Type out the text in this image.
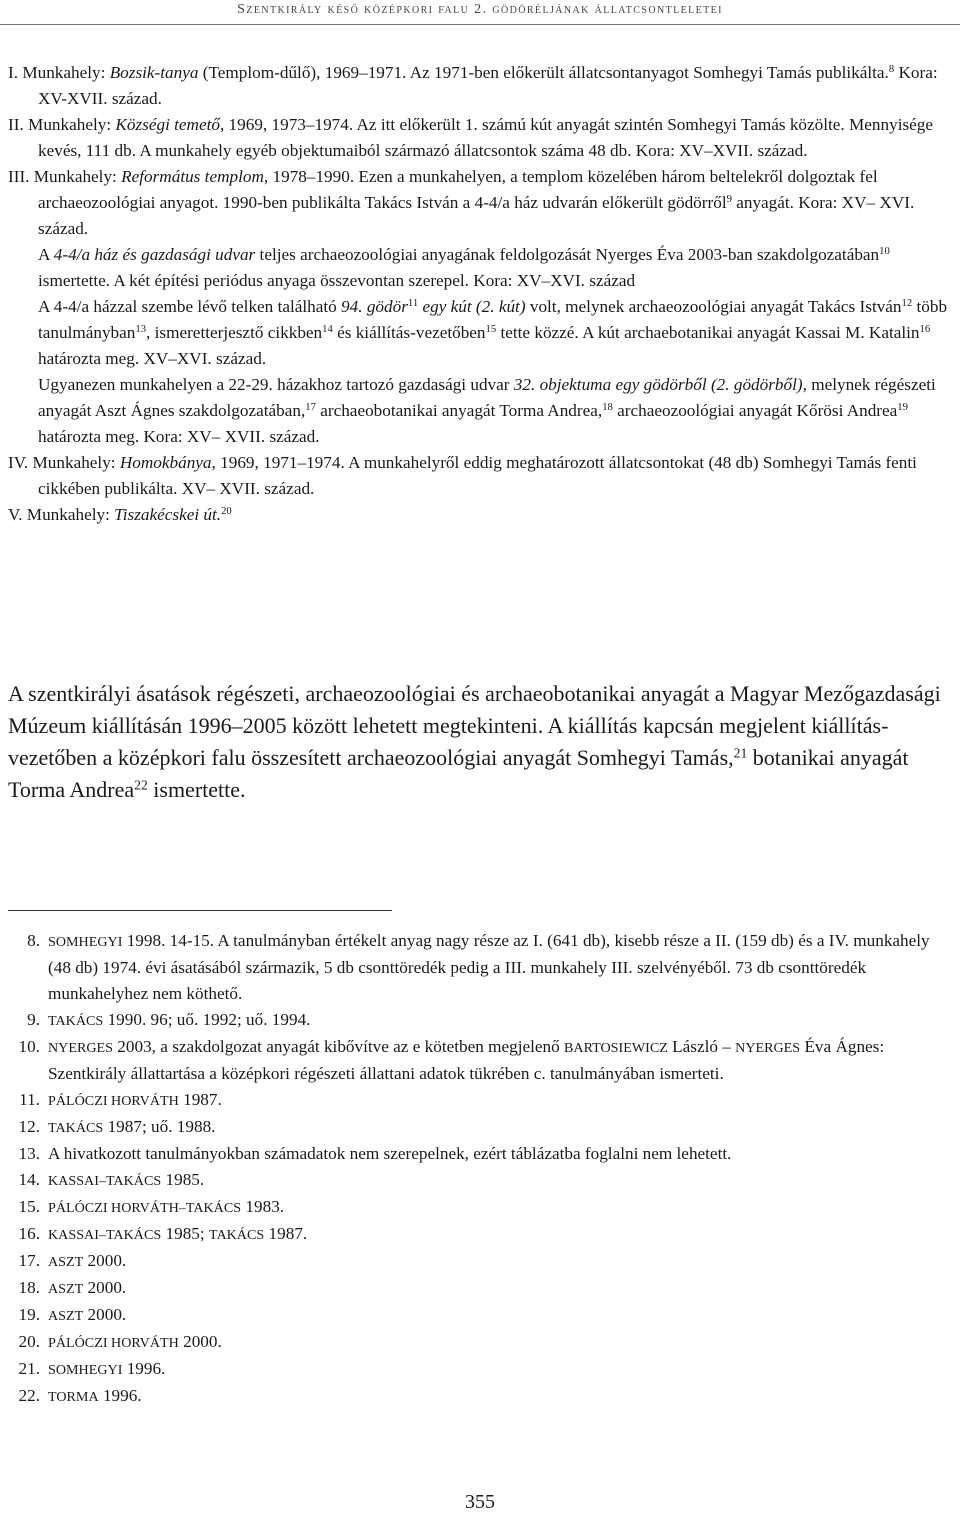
Szentkirály késő középkori falu 2. gödöréljának állatcsontleletei

I. Munkahely: Bozsik-tanya (Templom-dűlő), 1969–1971. Az 1971-ben előkerült állatcsontanyagot Somhegyi Tamás publikálta.$^8$ Kora: XV-XVII. század.

II. Munkahely: Községi temető, 1969, 1973–1974. Az itt előkerült 1. számú kút anyagát szintén Somhegyi Tamás közölte. Mennyisége kevés, 111 db. A munkahely egyéb objektumaiból származó állatcsontok száma 48 db. Kora: XV–XVII. század.

III. Munkahely: Református templom, 1978–1990. Ezen a munkahelyen, a templom közelében három beltelekről dolgoztak fel archaeozoológiai anyagot. 1990-ben publikálta Takács István a 4-4/a ház udvarán előkerült gödörről$^9$ anyagát. Kora: XV– XVI. század.

A 4-4/a ház és gazdasági udvar teljes archaeozoológiai anyagának feldolgozását Nyerges Éva 2003-ban szakdolgozatában$^{10}$ ismertette. A két építési periódus anyaga összevontan szerepel. Kora: XV–XVI. század

A 4-4/a házzal szembe lévő telken található 94. gödör$^{11}$ egy kút (2. kút) volt, melynek archaeozoológiai anyagát Takács István$^{12}$ több tanulmányban$^{13}$, ismeretterjesztő cikkben$^{14}$ és kiállítás-vezetőben$^{15}$ tette közzé. A kút archaebotanikai anyagát Kassai M. Katalin$^{16}$ határozta meg. XV–XVI. század.

Ugyanezen munkahelyen a 22-29. házakhoz tartozó gazdasági udvar 32. objektuma egy gödörből (2. gödörből), melynek régészeti anyagát Aszt Ágnes szakdolgozatában,$^{17}$ archaeobotanikai anyagát Torma Andrea,$^{18}$ archaeozoológiai anyagát Kőrösi Andrea$^{19}$ határozta meg. Kora: XV– XVII. század.

IV. Munkahely: Homokbánya, 1969, 1971–1974. A munkahelyről eddig meghatározott állatcsontokat (48 db) Somhegyi Tamás fenti cikkében publikálta. XV– XVII. század.

V. Munkahely: Tiszakécskei út.$^{20}$

A szentkirályi ásatások régészeti, archaeozoológiai és archaeobotanikai anyagát a Magyar Mezőgazdasági Múzeum kiállításán 1996–2005 között lehetett megtekinteni. A kiállítás kapcsán megjelent kiállítás-vezetőben a középkori falu összesített archaeozoológiai anyagát Somhegyi Tamás,$^{21}$ botanikai anyagát Torma Andrea$^{22}$ ismertette.

8. SOMHEGYI 1998. 14-15. A tanulmányban értékelt anyag nagy része az I. (641 db), kisebb része a II. (159 db) és a IV. munkahely (48 db) 1974. évi ásatásából származik, 5 db csonttöredék pedig a III. munkahely III. szelvényéből. 73 db csonttöredék munkahelyhez nem köthető.
9. TAKÁCS 1990. 96; uő. 1992; uő. 1994.
10. NYERGES 2003, a szakdolgozat anyagát kibővítve az e kötetben megjelenő BARTOSIEWICZ László – NYERGES Éva Ágnes: Szentkirály állattartása a középkori régészeti állattani adatok tükrében c. tanulmányában ismerteti.
11. PÁLÓCZI HORVÁTH 1987.
12. TAKÁCS 1987; uő. 1988.
13. A hivatkozott tanulmányokban számadatok nem szerepelnek, ezért táblázatba foglalni nem lehetett.
14. KASSAI–TAKÁCS 1985.
15. PÁLÓCZI HORVÁTH–TAKÁCS 1983.
16. KASSAI–TAKÁCS 1985; TAKÁCS 1987.
17. ASZT 2000.
18. ASZT 2000.
19. ASZT 2000.
20. PÁLÓCZI HORVÁTH 2000.
21. SOMHEGYI 1996.
22. TORMA 1996.
355
